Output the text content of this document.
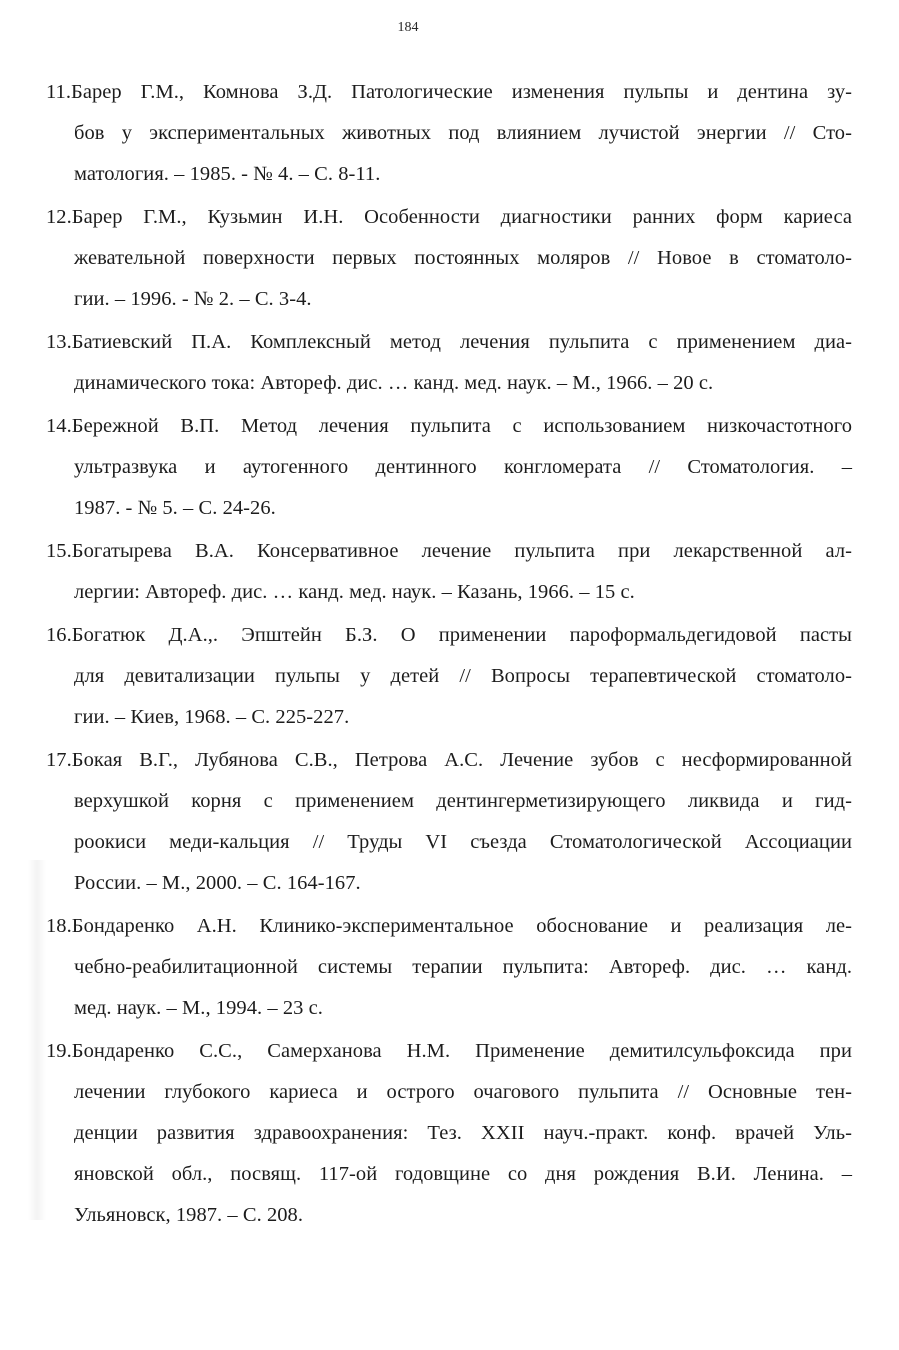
184
11.Барер Г.М., Комнова З.Д. Патологические изменения пульпы и дентина зу-
бов у экспериментальных животных под влиянием лучистой энергии // Сто-
матология. – 1985. - № 4. – С. 8-11.
12.Барер Г.М., Кузьмин И.Н. Особенности диагностики ранних форм кариеса
жевательной поверхности первых постоянных моляров // Новое в стоматоло-
гии. – 1996. - № 2. – С. 3-4.
13.Батиевский П.А. Комплексный метод лечения пульпита с применением диа-
динамического тока: Автореф. дис. … канд. мед. наук. – М., 1966. – 20 с.
14.Бережной В.П. Метод лечения пульпита с использованием низкочастотного
ультразвука и аутогенного дентинного конгломерата // Стоматология. –
1987. - № 5. – С. 24-26.
15.Богатырева В.А. Консервативное лечение пульпита при лекарственной ал-
лергии: Автореф. дис. … канд. мед. наук. – Казань, 1966. – 15 с.
16.Богатюк Д.А.,. Эпштейн Б.З. О применении пароформальдегидовой пасты
для девитализации пульпы у детей // Вопросы терапевтической стоматоло-
гии. – Киев, 1968. – С. 225-227.
17.Бокая В.Г., Лубянова С.В., Петрова А.С. Лечение зубов с несформированной
верхушкой корня с применением дентингерметизирующего ликвида и гид-
роокиси меди-кальция // Труды VI съезда Стоматологической Ассоциации
России. – М., 2000. – С. 164-167.
18.Бондаренко А.Н. Клинико-экспериментальное обоснование и реализация ле-
чебно-реабилитационной системы терапии пульпита: Автореф. дис. … канд.
мед. наук. – М., 1994. – 23 с.
19.Бондаренко С.С., Самерханова Н.М. Применение демитилсульфоксида при
лечении глубокого кариеса и острого очагового пульпита // Основные тен-
денции развития здравоохранения: Тез. XXII науч.-практ. конф. врачей Уль-
яновской обл., посвящ. 117-ой годовщине со дня рождения В.И. Ленина. –
Ульяновск, 1987. – С. 208.
